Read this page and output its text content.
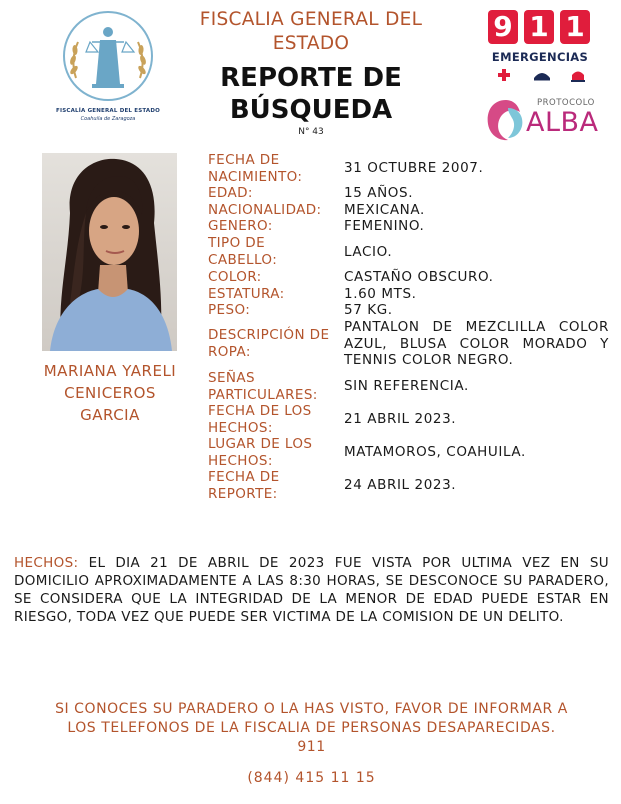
FISCALÍA GENERAL DEL ESTADO
Coahuila de Zaragoza
FISCALIA GENERAL DEL
ESTADO
REPORTE DE
BÚSQUEDA
N° 43
9 1 1
EMERGENCIAS
PROTOCOLO
ALBA
MARIANA YARELI
CENICEROS
GARCIA
FECHA DE NACIMIENTO:
31 OCTUBRE 2007.
EDAD:	15 AÑOS.
NACIONALIDAD:	MEXICANA.
GENERO:	FEMENINO.
TIPO DE CABELLO:	LACIO.
COLOR:	CASTAÑO OBSCURO.
ESTATURA:	1.60 MTS.
PESO:	57 KG.
DESCRIPCIÓN DE ROPA:
PANTALON DE MEZCLILLA COLOR AZUL, BLUSA COLOR MORADO Y TENNIS COLOR NEGRO.
SEÑAS PARTICULARES:
SIN REFERENCIA.
FECHA DE LOS HECHOS:
21 ABRIL 2023.
LUGAR DE LOS HECHOS:
MATAMOROS, COAHUILA.
FECHA DE REPORTE:
24 ABRIL 2023.
HECHOS: EL DIA 21 DE ABRIL DE 2023 FUE VISTA POR ULTIMA VEZ EN SU DOMICILIO APROXIMADAMENTE A LAS 8:30 HORAS, SE DESCONOCE SU PARADERO, SE CONSIDERA QUE LA INTEGRIDAD DE LA MENOR DE EDAD PUEDE ESTAR EN RIESGO, TODA VEZ QUE PUEDE SER VICTIMA DE LA COMISION DE UN DELITO.
SI CONOCES SU PARADERO O LA HAS VISTO, FAVOR DE INFORMAR A
LOS TELEFONOS DE LA FISCALIA DE PERSONAS DESAPARECIDAS.
911
(844) 415 11 15
